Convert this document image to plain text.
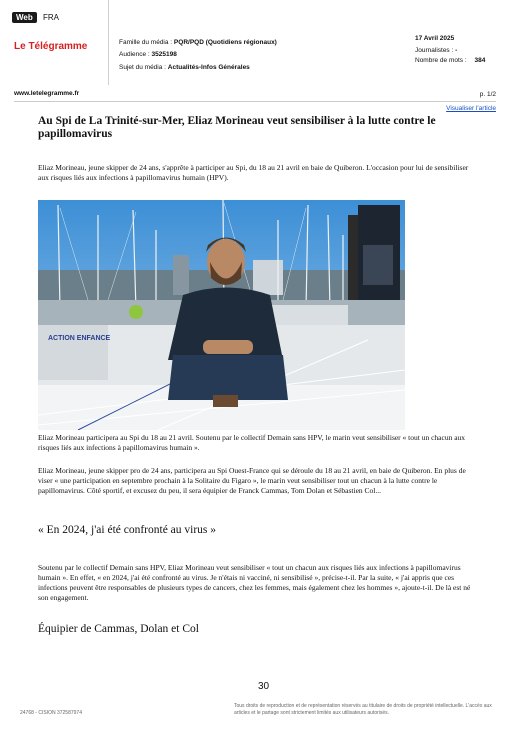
Web	FRA
Le Télégramme	Famille du média : PQR/PQD (Quotidiens régionaux)
Audience : 3525198
Sujet du média : Actualités-Infos Générales
17 Avril 2025
Journalistes : -
Nombre de mots : 384
www.letelegramme.fr	p. 1/2
Visualiser l'article
Au Spi de La Trinité-sur-Mer, Eliaz Morineau veut sensibiliser à la lutte contre le papillomavirus
Eliaz Morineau, jeune skipper de 24 ans, s'apprête à participer au Spi, du 18 au 21 avril en baie de Quiberon. L'occasion pour lui de sensibiliser aux risques liés aux infections à papillomavirus humain (HPV).
ACTION ENFANCE
Eliaz Morineau participera au Spi du 18 au 21 avril. Soutenu par le collectif Demain sans HPV, le marin veut sensibiliser « tout un chacun aux risques liés aux infections à papillomavirus humain ».
Eliaz Morineau, jeune skipper pro de 24 ans, participera au Spi Ouest-France qui se déroule du 18 au 21 avril, en baie de Quiberon. En plus de viser « une participation en septembre prochain à la Solitaire du Figaro », le marin veut sensibiliser tout un chacun à la lutte contre le papillomavirus. Côté sportif, et excusez du peu, il sera équipier de Franck Cammas, Tom Dolan et Sébastien Col...
« En 2024, j'ai été confronté au virus »
Soutenu par le collectif Demain sans HPV, Eliaz Morineau veut sensibiliser « tout un chacun aux risques liés aux infections à papillomavirus humain ». En effet, « en 2024, j'ai été confronté au virus. Je n'étais ni vacciné, ni sensibilisé », précise-t-il. Par la suite, « j'ai appris que ces infections peuvent être responsables de plusieurs types de cancers, chez les femmes, mais également chez les hommes », ajoute-t-il. De là est né son engagement.
Équipier de Cammas, Dolan et Col
30
24768 - CISION 372587974
Tous droits de reproduction et de représentation réservés au titulaire de droits de propriété intellectuelle. L'accès aux articles et le partage sont strictement limités aux utilisateurs autorisés.
